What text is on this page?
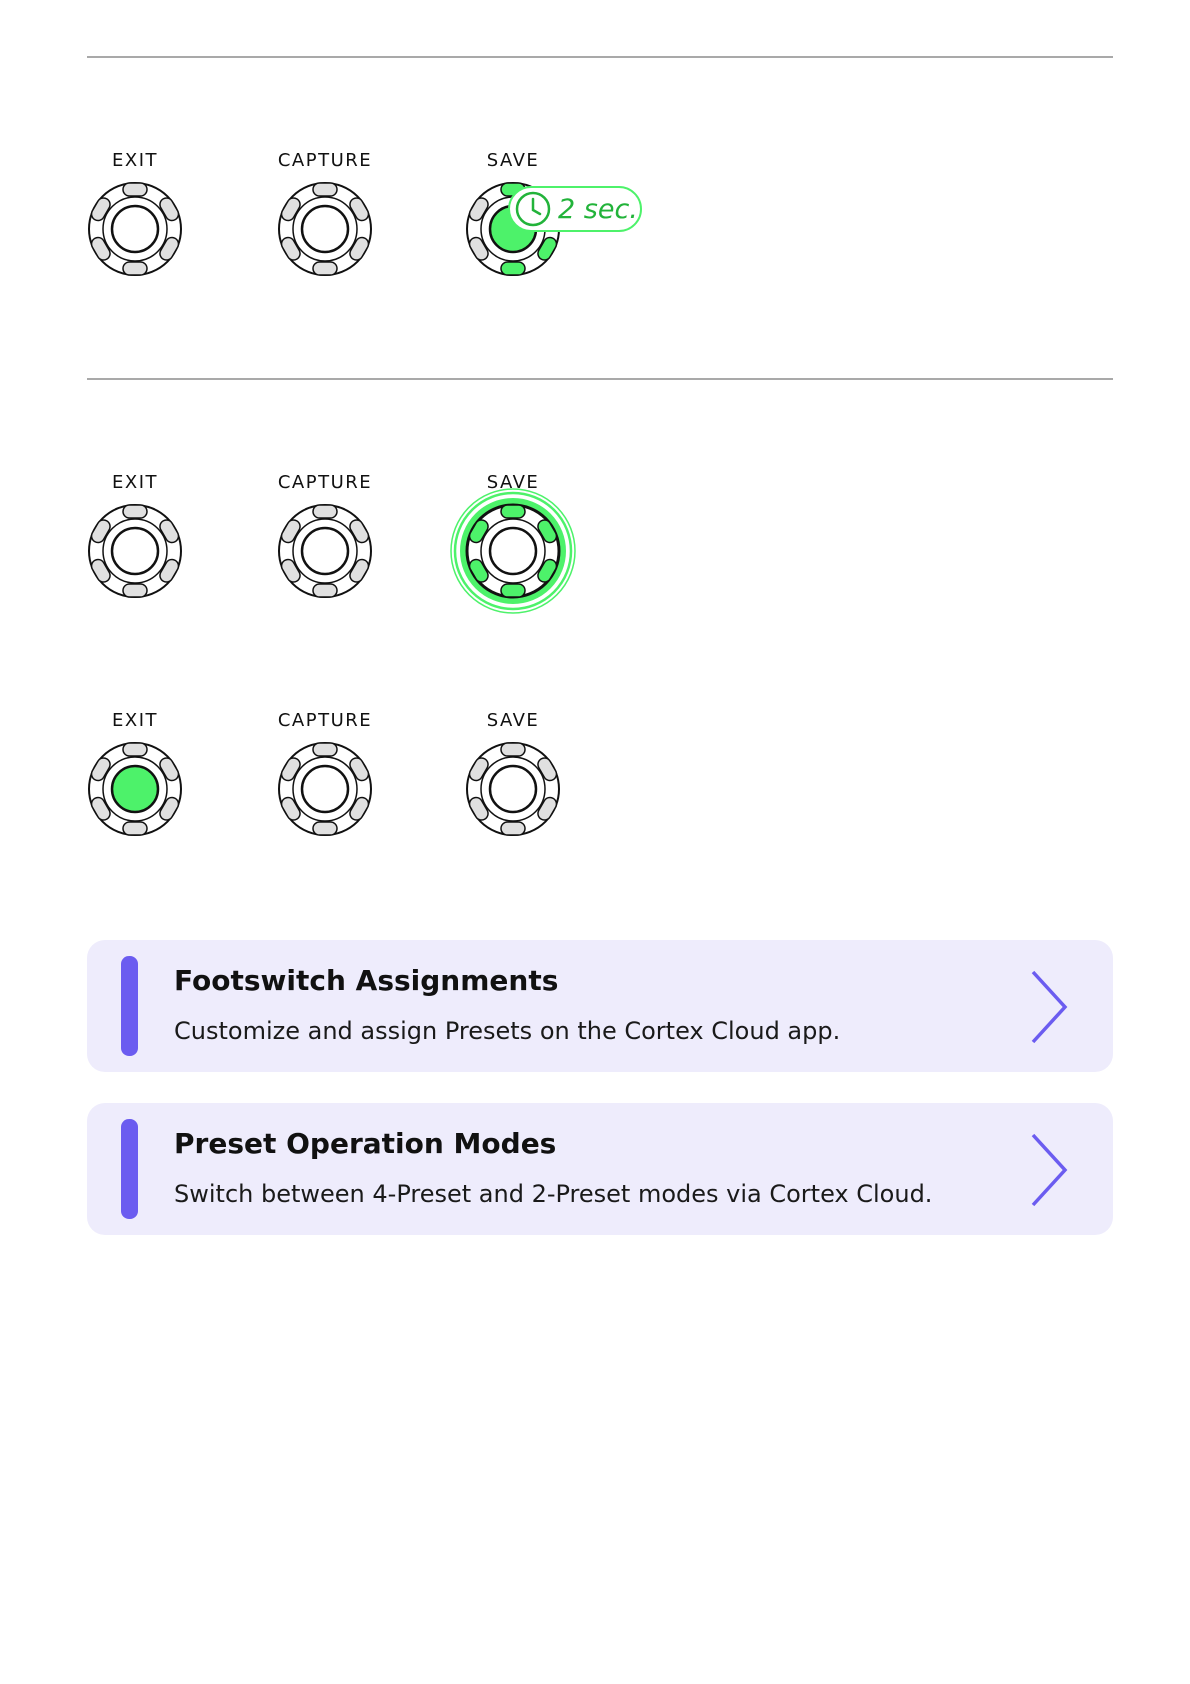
EXIT	CAPTURE	SAVE
2 sec.
EXIT	CAPTURE	SAVE
EXIT	CAPTURE	SAVE
Footswitch Assignments
Customize and assign Presets on the Cortex Cloud app.
Preset Operation Modes
Switch between 4-Preset and 2-Preset modes via Cortex Cloud.
